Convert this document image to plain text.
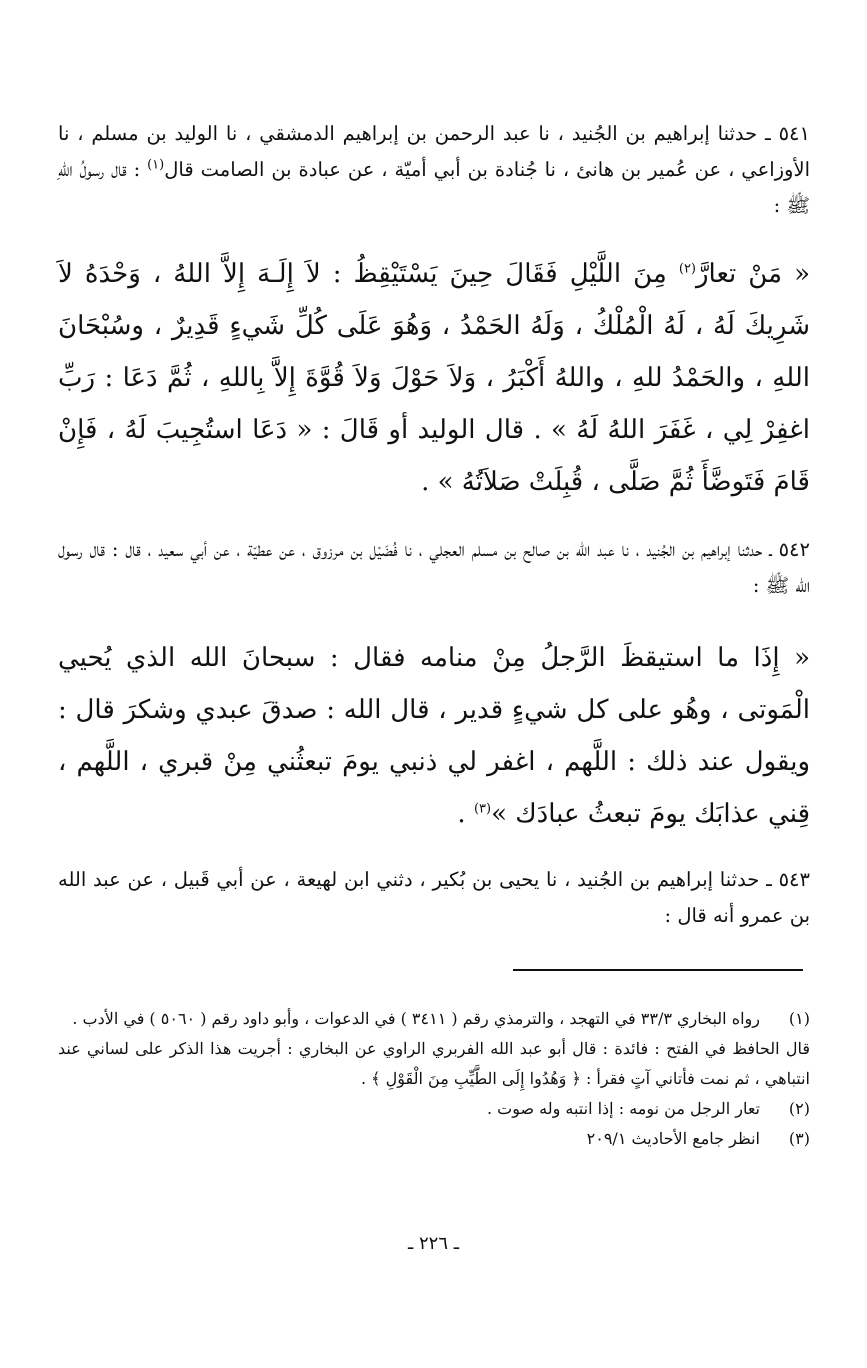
٥٤١ ـ حدثنا إبراهيم بن الجُنيد ، نا عبد الرحمن بن إبراهيم الدمشقي ، نا الوليد بن مسلم ، نا الأوزاعي ، عن عُمير بن هانئ ، نا جُنادة بن أبي أميّة ، عن عبادة بن الصامت قال$^{(١)}$ : قال رسولُ اللهِ ﷺ :

« مَنْ تعارَّ$^{(٢)}$ مِنَ اللَّيْلِ فَقَالَ حِينَ يَسْتَيْقِظُ : لاَ إِلَـهَ إِلاَّ اللهُ ، وَحْدَهُ لاَ شَرِيكَ لَهُ ، لَهُ الْمُلْكُ ، وَلَهُ الحَمْدُ ، وَهُوَ عَلَى كُلِّ شَيءٍ قَدِيرٌ ، وسُبْحَانَ اللهِ ، والحَمْدُ للهِ ، واللهُ أَكْبَرُ ، وَلاَ حَوْلَ وَلاَ قُوَّةَ إِلاَّ بِاللهِ ، ثُمَّ دَعَا : رَبِّ اغفِرْ لِي ، غَفَرَ اللهُ لَهُ » . قال الوليد أو قَالَ : « دَعَا استُجِيبَ لَهُ ، فَإِنْ قَامَ فَتَوضَّأَ ثُمَّ صَلَّى ، قُبِلَتْ صَلاَتُهُ » .

٥٤٢ ـ حدثنا إبراهيم بن الجُنيد ، نا عبد الله بن صالح بن مسلم العجلي ، نا فُضَيْل بن مرزوق ، عن عطيّة ، عن أبي سعيد ، قال : قال رسول الله ﷺ :

« إِذَا ما استيقظَ الرَّجلُ مِنْ منامه فقال : سبحانَ الله الذي يُحيي الْمَوتى ، وهُو على كل شيءٍ قدير ، قال الله : صدقَ عبدي وشكرَ قال : ويقول عند ذلك : اللَّهم ، اغفر لي ذنبي يومَ تبعثُني مِنْ قبري ، اللَّهم ، قِني عذابَك يومَ تبعثُ عبادَك »$^{(٣)}$ .

٥٤٣ ـ حدثنا إبراهيم بن الجُنيد ، نا يحيى بن بُكير ، دثني ابن لهيعة ، عن أبي قَبيل ، عن عبد الله بن عمرو أنه قال :

(١)
رواه البخاري ٣٣/٣ في التهجد ، والترمذي رقم ( ٣٤١١ ) في الدعوات ، وأبو داود رقم ( ٥٠٦٠ ) في الأدب .

قال الحافظ في الفتح : فائدة : قال أبو عبد الله الفربري الراوي عن البخاري : أجريت هذا الذكر على لساني عند انتباهي ، ثم نمت فأتاني آتٍ فقرأ : ﴿ وَهُدُوا إِلَى الطَّيِّبِ مِنَ الْقَوْلِ ﴾ .

(٢)
تعار الرجل من نومه : إذا انتبه وله صوت .
(٣)
انظر جامع الأحاديث ٢٠٩/١
ـ ٢٢٦ ـ
